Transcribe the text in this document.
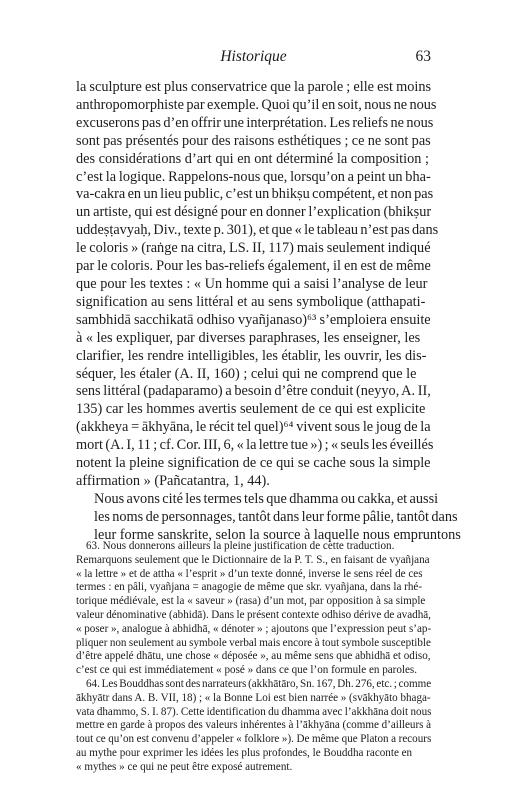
Historique	63

la sculpture est plus conservatrice que la parole ; elle est moins
anthropomorphiste par exemple. Quoi qu’il en soit, nous ne nous
excuserons pas d’en offrir une interprétation. Les reliefs ne nous
sont pas présentés pour des raisons esthétiques ; ce ne sont pas
des considérations d’art qui en ont déterminé la composition ;
c’est la logique. Rappelons-nous que, lorsqu’on a peint un bha-
va-cakra en un lieu public, c’est un bhikṣu compétent, et non pas
un artiste, qui est désigné pour en donner l’explication (bhikṣur
uddeṣṭavyaḥ, Div., texte p. 301), et que « le tableau n’est pas dans
le coloris » (raṅge na citra, LS. II, 117) mais seulement indiqué
par le coloris. Pour les bas-reliefs également, il en est de même
que pour les textes : « Un homme qui a saisi l’analyse de leur
signification au sens littéral et au sens symbolique (atthapati-
sambhidā sacchikatā odhiso vyañjanaso)⁶³ s’emploiera ensuite
à « les expliquer, par diverses paraphrases, les enseigner, les
clarifier, les rendre intelligibles, les établir, les ouvrir, les dis-
séquer, les étaler (A. II, 160) ; celui qui ne comprend que le
sens littéral (padaparamo) a besoin d’être conduit (neyyo, A. II,
135) car les hommes avertis seulement de ce qui est explicite
(akkheya = ākhyāna, le récit tel quel)⁶⁴ vivent sous le joug de la
mort (A. I, 11 ; cf. Cor. III, 6, « la lettre tue ») ; « seuls les éveillés
notent la pleine signification de ce qui se cache sous la simple
affirmation » (Pañcatantra, 1, 44).

Nous avons cité les termes tels que dhamma ou cakka, et aussi
les noms de personnages, tantôt dans leur forme pâlie, tantôt dans
leur forme sanskrite, selon la source à laquelle nous empruntons

63. Nous donnerons ailleurs la pleine justification de cette traduction.
Remarquons seulement que le Dictionnaire de la P. T. S., en faisant de vyañjana
« la lettre » et de attha « l’esprit » d’un texte donné, inverse le sens réel de ces
termes : en pâli, vyañjana = anagogie de même que skr. vyañjana, dans la rhé-
torique médiévale, est la « saveur » (rasa) d’un mot, par opposition à sa simple
valeur dénominative (abhidā). Dans le présent contexte odhiso dérive de avadhā,
« poser », analogue à abhidhā, « dénoter » ; ajoutons que l’expression peut s’ap-
pliquer non seulement au symbole verbal mais encore à tout symbole susceptible
d’être appelé dhātu, une chose « déposée », au même sens que abhidhā et odiso,
c’est ce qui est immédiatement « posé » dans ce que l’on formule en paroles.

64. Les Bouddhas sont des narrateurs (akkhātāro, Sn. 167, Dh. 276, etc. ; comme
ākhyātr dans A. B. VII, 18) ; « la Bonne Loi est bien narrée » (svākhyāto bhaga-
vata dhammo, S. I. 87). Cette identification du dhamma avec l’akkhāna doit nous
mettre en garde à propos des valeurs inhérentes à l’ākhyāna (comme d’ailleurs à
tout ce qu’on est convenu d’appeler « folklore »). De même que Platon a recours
au mythe pour exprimer les idées les plus profondes, le Bouddha raconte en
« mythes » ce qui ne peut être exposé autrement.
